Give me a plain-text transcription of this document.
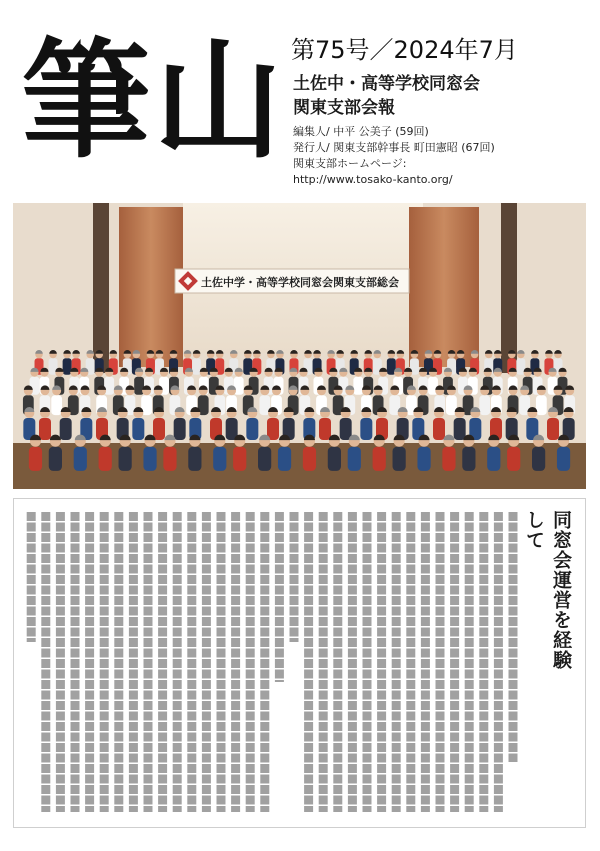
筆 山 第75号／2024年7月
土佐中・高等学校同窓会
関東支部会報
編集人/ 中平 公美子 (59回)
発行人/ 関東支部幹事長 町田憲昭 (67回)
関東支部ホームページ:
http://www.tosako-kanto.org/
土佐中学・高等学校同窓会関東支部総会
同窓会運営を経験して
